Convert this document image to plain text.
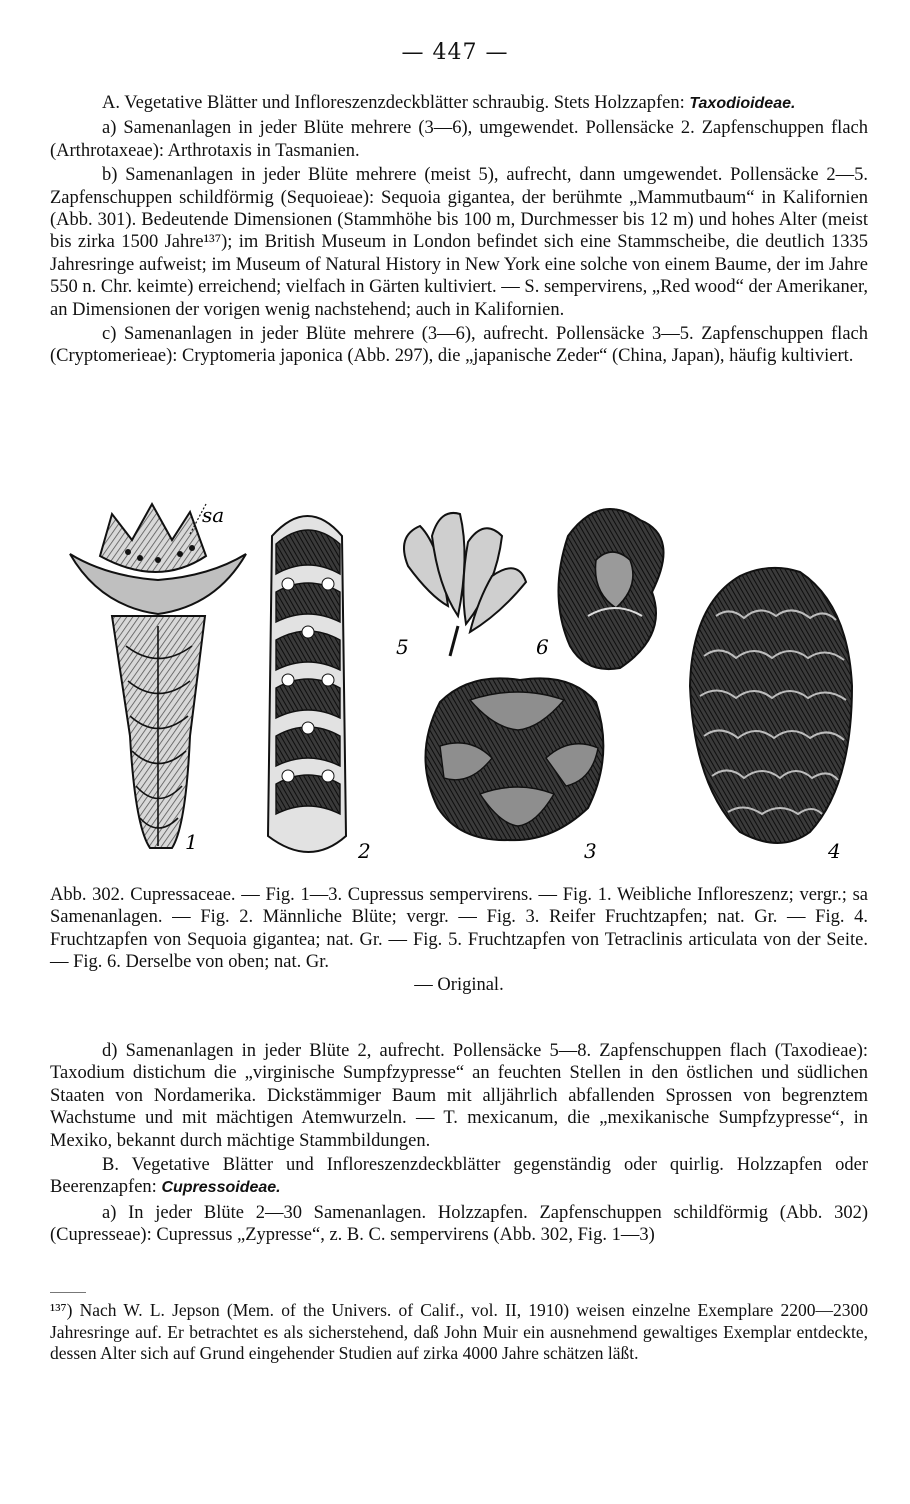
— 447 —

A. Vegetative Blätter und Infloreszenzdeckblätter schraubig. Stets Holzzapfen: Taxodioideae.

a) Samenanlagen in jeder Blüte mehrere (3—6), umgewendet. Pollensäcke 2. Zapfenschuppen flach (Arthrotaxeae): Arthrotaxis in Tasmanien.

b) Samenanlagen in jeder Blüte mehrere (meist 5), aufrecht, dann umgewendet. Pollensäcke 2—5. Zapfenschuppen schildförmig (Sequoieae): Sequoia gigantea, der berühmte „Mammutbaum“ in Kalifornien (Abb. 301). Bedeutende Dimensionen (Stammhöhe bis 100 m, Durchmesser bis 12 m) und hohes Alter (meist bis zirka 1500 Jahre¹³⁷); im British Museum in London befindet sich eine Stammscheibe, die deutlich 1335 Jahresringe aufweist; im Museum of Natural History in New York eine solche von einem Baume, der im Jahre 550 n. Chr. keimte) erreichend; vielfach in Gärten kultiviert. — S. sempervirens, „Red wood“ der Amerikaner, an Dimensionen der vorigen wenig nachstehend; auch in Kalifornien.

c) Samenanlagen in jeder Blüte mehrere (3—6), aufrecht. Pollensäcke 3—5. Zapfenschuppen flach (Cryptomerieae): Cryptomeria japonica (Abb. 297), die „japanische Zeder“ (China, Japan), häufig kultiviert.

sa
1	2
5	6
3	4
Abb. 302. Cupressaceae. — Fig. 1—3. Cupressus sempervirens. — Fig. 1. Weibliche Infloreszenz; vergr.; sa Samenanlagen. — Fig. 2. Männliche Blüte; vergr. — Fig. 3. Reifer Fruchtzapfen; nat. Gr. — Fig. 4. Fruchtzapfen von Sequoia gigantea; nat. Gr. — Fig. 5. Fruchtzapfen von Tetraclinis articulata von der Seite. — Fig. 6. Derselbe von oben; nat. Gr.
— Original.

d) Samenanlagen in jeder Blüte 2, aufrecht. Pollensäcke 5—8. Zapfenschuppen flach (Taxodieae): Taxodium distichum die „virginische Sumpfzypresse“ an feuchten Stellen in den östlichen und südlichen Staaten von Nordamerika. Dickstämmiger Baum mit alljährlich abfallenden Sprossen von begrenztem Wachstume und mit mächtigen Atemwurzeln. — T. mexicanum, die „mexikanische Sumpfzypresse“, in Mexiko, bekannt durch mächtige Stammbildungen.

B. Vegetative Blätter und Infloreszenzdeckblätter gegenständig oder quirlig. Holzzapfen oder Beerenzapfen: Cupressoideae.

a) In jeder Blüte 2—30 Samenanlagen. Holzzapfen. Zapfenschuppen schildförmig (Abb. 302) (Cupresseae): Cupressus „Zypresse“, z. B. C. sempervirens (Abb. 302, Fig. 1—3)

¹³⁷) Nach W. L. Jepson (Mem. of the Univers. of Calif., vol. II, 1910) weisen einzelne Exemplare 2200—2300 Jahresringe auf. Er betrachtet es als sicherstehend, daß John Muir ein ausnehmend gewaltiges Exemplar entdeckte, dessen Alter sich auf Grund eingehender Studien auf zirka 4000 Jahre schätzen läßt.
